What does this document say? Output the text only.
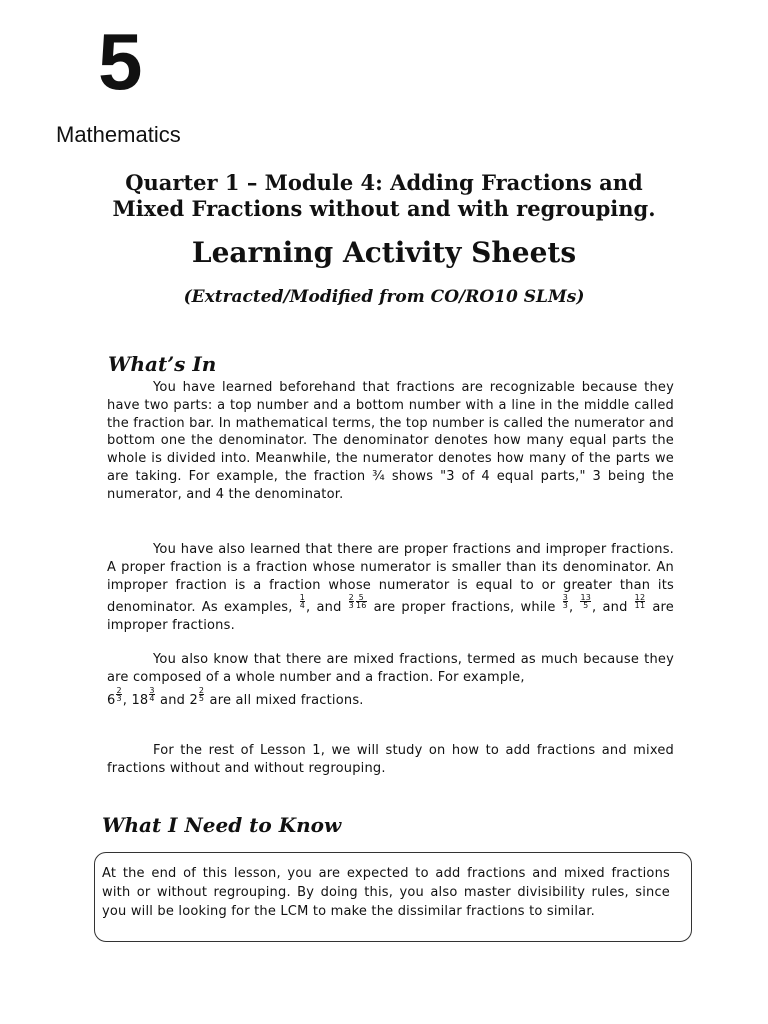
5
Mathematics
Quarter 1 – Module 4: Adding Fractions and
Mixed Fractions without and with regrouping.
Learning Activity Sheets
(Extracted/Modified from CO/RO10 SLMs)
What’s In

You have learned beforehand that fractions are recognizable because they have two parts: a top number and a bottom number with a line in the middle called the fraction bar. In mathematical terms, the top number is called the numerator and bottom one the denominator. The denominator denotes how many equal parts the whole is divided into. Meanwhile, the numerator denotes how many of the parts we are taking. For example, the fraction ¾ shows "3 of 4 equal parts," 3 being the numerator, and 4 the denominator.

You have also learned that there are proper fractions and improper fractions. A proper fraction is a fraction whose numerator is smaller than its denominator. An improper fraction is a fraction whose numerator is equal to or greater than its denominator. As examples, $\frac{1}{4}$ , and $\frac{2}{3} \frac{5}{16}$ are proper fractions, while $\frac{3}{3}$ , $\frac{13}{5}$ , and $\frac{12}{11}$ are improper fractions.

You also know that there are mixed fractions, termed as much because they are composed of a whole number and a fraction. For example,
$6 \frac{2}{3}$ , $18 \frac{3}{4}$ and $2 \frac{2}{5}$ are all mixed fractions.

For the rest of Lesson 1, we will study on how to add fractions and mixed fractions without and without regrouping.

What I Need to Know

At the end of this lesson, you are expected to add fractions and mixed fractions with or without regrouping. By doing this, you also master divisibility rules, since you will be looking for the LCM to make the dissimilar fractions to similar.
